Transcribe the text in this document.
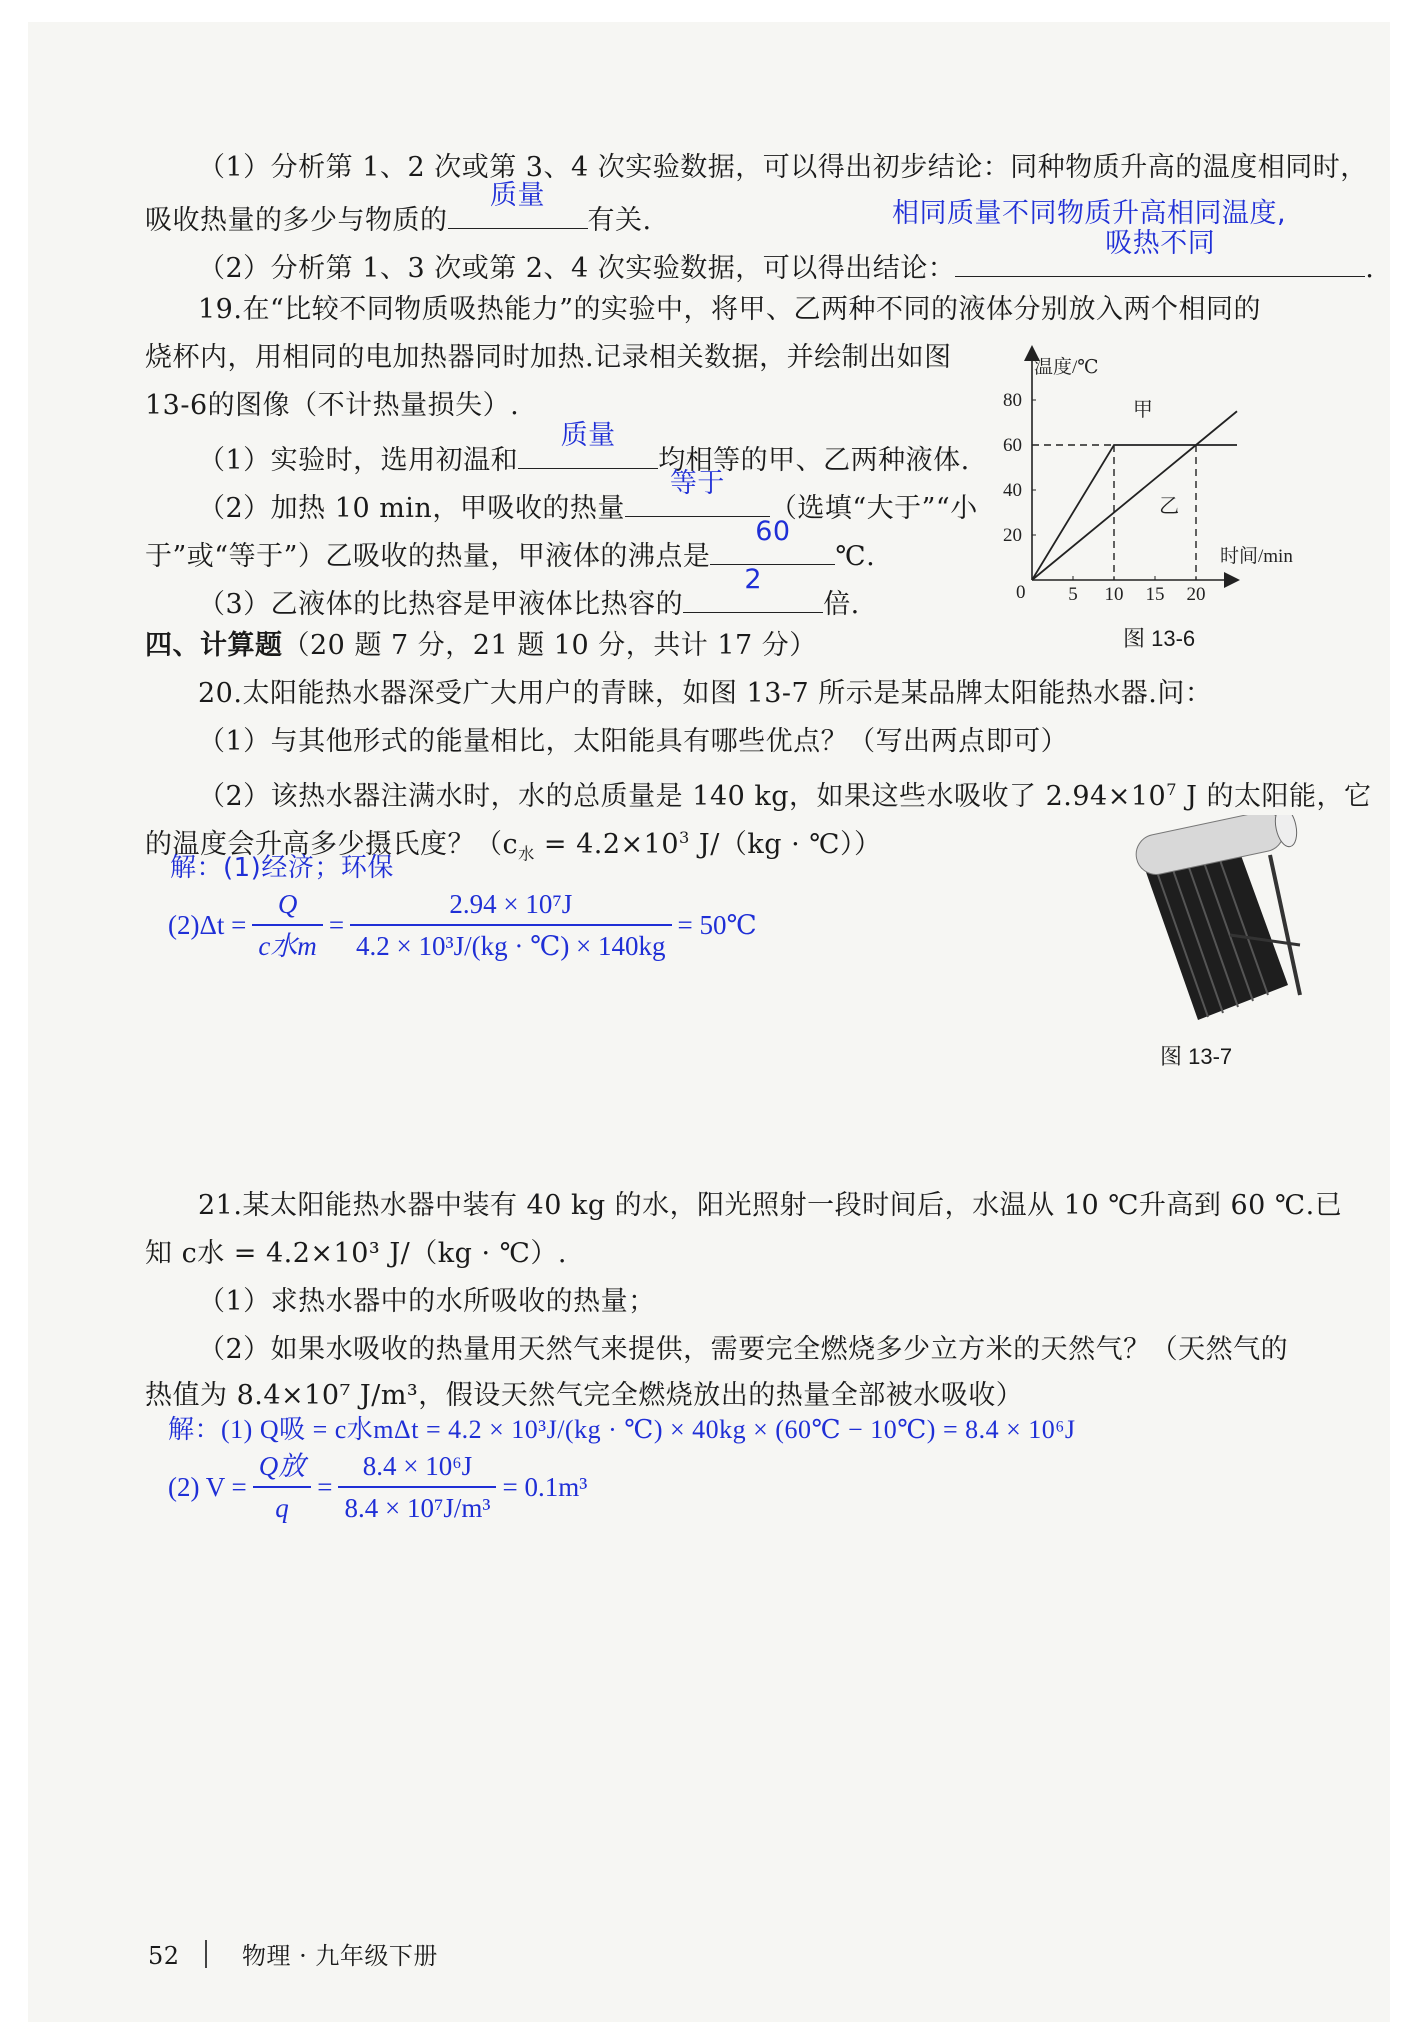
（1）分析第 1、2 次或第 3、4 次实验数据，可以得出初步结论：同种物质升高的温度相同时，
吸收热量的多少与物质的
质量
有关.	相同质量不同物质升高相同温度,
（2）分析第 1、3 次或第 2、4 次实验数据，可以得出结论：
吸热不同
.
19.在“比较不同物质吸热能力”的实验中，将甲、乙两种不同的液体分别放入两个相同的
烧杯内，用相同的电加热器同时加热.记录相关数据，并绘制出如图
13-6的图像（不计热量损失）.
（1）实验时，选用初温和
质量
均相等的甲、乙两种液体.
（2）加热 10 min，甲吸收的热量
等于
（选填“大于”“小
于”或“等于”）乙吸收的热量，甲液体的沸点是
60
℃.
（3）乙液体的比热容是甲液体比热容的
2
倍.
温度/℃
时间/min
0 5 10 15 20
20
40
60
80	甲
乙
图 13-6
四、计算题（20 题 7 分，21 题 10 分，共计 17 分）
20.太阳能热水器深受广大用户的青睐，如图 13-7 所示是某品牌太阳能热水器.问：
（1）与其他形式的能量相比，太阳能具有哪些优点？（写出两点即可）
（2）该热水器注满水时，水的总质量是 140 kg，如果这些水吸收了 $2.94\times 10^7$ J 的太阳能，它
的温度会升高多少摄氏度？（$c_水 = 4.2\times 10^3$ J/（kg · ℃））
解：(1)经济；环保
$(2)\Delta t = \frac{Q}{\text{c水m}} = \frac{\text{2.94 × 10⁷J}}{\text{4.2 × 10³J/(kg · ℃) × 140kg}}$ = 50℃
图 13-7
21.某太阳能热水器中装有 40 kg 的水，阳光照射一段时间后，水温从 10 ℃升高到 60 ℃.已
知 c水 = 4.2×10³ J/（kg · ℃）.
（1）求热水器中的水所吸收的热量；
（2）如果水吸收的热量用天然气来提供，需要完全燃烧多少立方米的天然气？（天然气的
热值为 8.4×10⁷ J/m³，假设天然气完全燃烧放出的热量全部被水吸收）
解：(1) Q吸 = c水mΔt = 4.2 × 10³J/(kg · ℃) × 40kg × (60℃ − 10℃) = 8.4 × 10⁶J
(2) $V = \frac{\text{Q放}}{q} = \frac{\text{8.4 × 10⁶J}}{\text{8.4 × 10⁷J/m³}} = 0.1m^3$
52	物理 · 九年级下册
